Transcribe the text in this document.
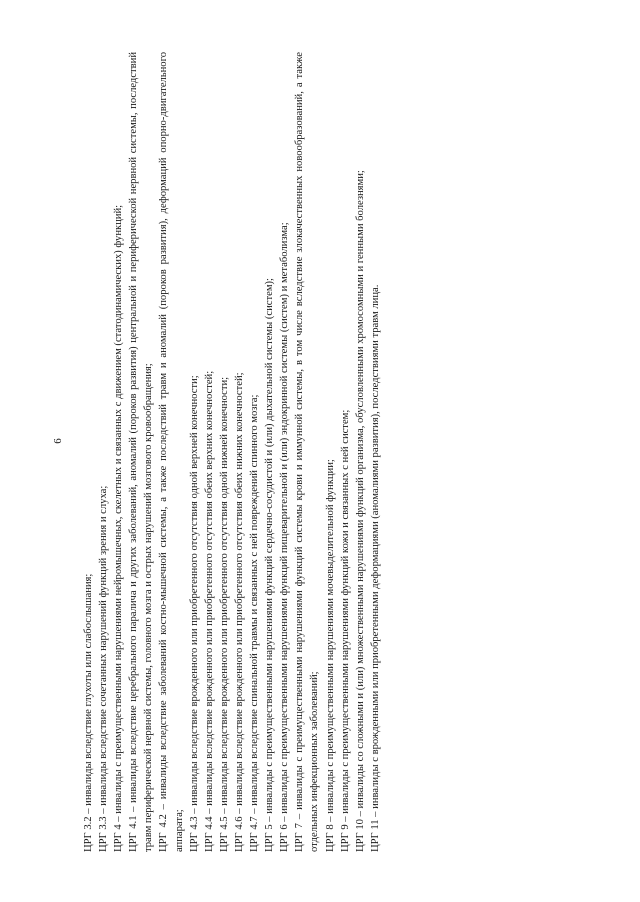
6

ЦРГ 3.2 – инвалиды вследствие глухоты или слабослышания;

ЦРГ 3.3 – инвалиды вследствие сочетанных нарушений функций зрения и слуха;

ЦРГ 4 – инвалиды с преимущественными нарушениями нейромышечных, скелетных и связанных с движением (статодинамических) функций;

ЦРГ 4.1 – инвалиды вследствие церебрального паралича и других заболеваний, аномалий (пороков развития) центральной и периферической нервной системы, последствий травм периферической нервной системы, головного мозга и острых нарушений мозгового кровообращения; ЦРГ 4.2 – инвалиды вследствие заболеваний костно-мышечной системы, а также последствий травм и аномалий (пороков развития), деформаций опорно-двигательного аппарата; ЦРГ 4.3 – инвалиды вследствие врожденного или приобретенного отсутствия одной верхней конечности;

ЦРГ 4.4 – инвалиды вследствие врожденного или приобретенного отсутствия обеих верхних конечностей;

ЦРГ 4.5 – инвалиды вследствие врожденного или приобретенного отсутствия одной нижней конечности;

ЦРГ 4.6 – инвалиды вследствие врожденного или приобретенного отсутствия обеих нижних конечностей;

ЦРГ 4.7 – инвалиды вследствие спинальной травмы и связанных с ней повреждений спинного мозга;

ЦРГ 5 – инвалиды с преимущественными нарушениями функций сердечно-сосудистой и (или) дыхательной системы (систем);

ЦРГ 6 – инвалиды с преимущественными нарушениями функций пищеварительной и (или) эндокринной системы (систем) и метаболизма;

ЦРГ 7 – инвалиды с преимущественными нарушениями функций системы крови и иммунной системы, в том числе вследствие злокачественных новообразований, а также отдельных инфекционных заболеваний; ЦРГ 8 – инвалиды с преимущественными нарушениями мочевыделительной функции;

ЦРГ 9 – инвалиды с преимущественными нарушениями функций кожи и связанных с ней систем;

ЦРГ 10 – инвалиды со сложными и (или) множественными нарушениями функций организма, обусловленными хромосомными и генными болезнями;

ЦРГ 11 – инвалиды с врожденными или приобретенными деформациями (аномалиями развития), последствиями травм лица.
